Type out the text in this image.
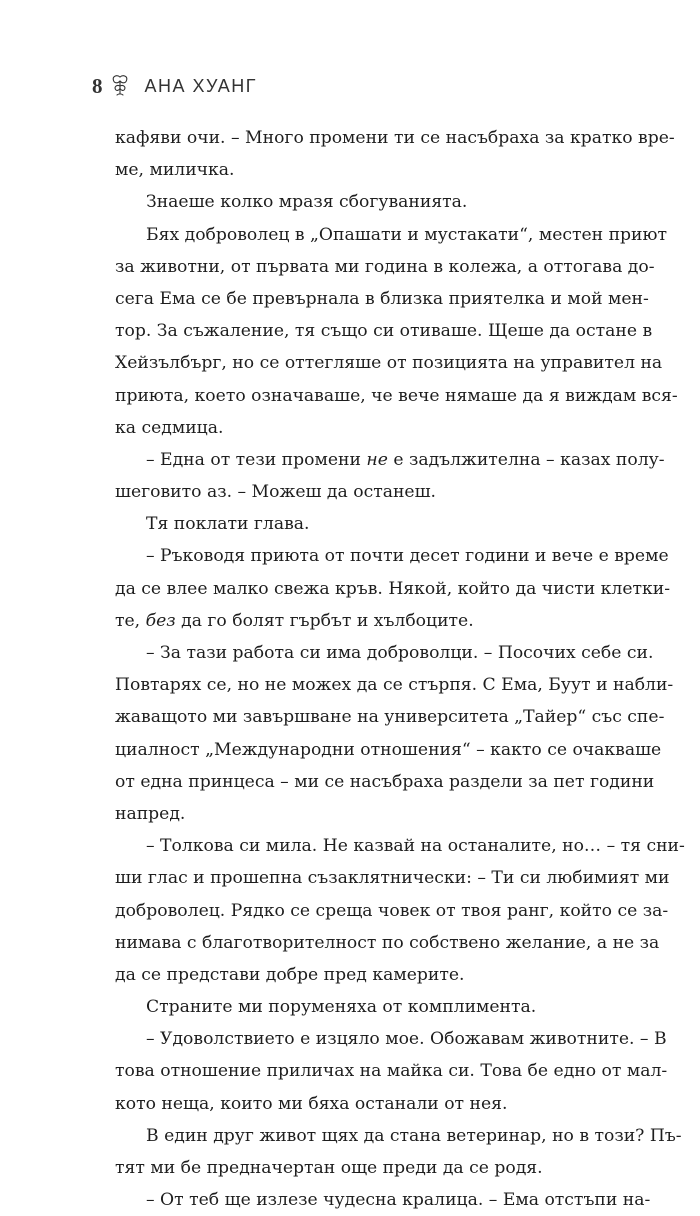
8 АНА ХУАНГ
кафяви очи. – Много промени ти се насъбраха за кратко вре-
ме, миличка.
Знаеше колко мразя сбогуванията.
Бях доброволец в „Опашати и мустакати“, местен приют
за животни, от първата ми година в колежа, а оттогава до-
сега Ема се бе превърнала в близка приятелка и мой мен-
тор. За съжаление, тя също си отиваше. Щеше да остане в
Хейзълбърг, но се оттегляше от позицията на управител на
приюта, което означаваше, че вече нямаше да я виждам вся-
ка седмица.
– Една от тези промени не е задължителна – казах полу-
шеговито аз. – Можеш да останеш.
Тя поклати глава.
– Ръководя приюта от почти десет години и вече е време
да се влее малко свежа кръв. Някой, който да чисти клетки-
те, без да го болят гърбът и хълбоците.
– За тази работа си има доброволци. – Посочих себе си.
Повтарях се, но не можех да се стърпя. С Ема, Буут и набли-
жаващото ми завършване на университета „Тайер“ със спе-
циалност „Международни отношения“ – както се очакваше
от една принцеса – ми се насъбраха раздели за пет години
напред.
– Толкова си мила. Не казвай на останалите, но… – тя сни-
ши глас и прошепна съзаклятнически: – Ти си любимият ми
доброволец. Рядко се среща човек от твоя ранг, който се за-
нимава с благотворителност по собствено желание, а не за
да се представи добре пред камерите.
Страните ми поруменяха от комплимента.
– Удоволствието е изцяло мое. Обожавам животните. – В
това отношение приличах на майка си. Това бе едно от мал-
кото неща, които ми бяха останали от нея.
В един друг живот щях да стана ветеринар, но в този? Пъ-
тят ми бе предначертан още преди да се родя.
– От теб ще излезе чудесна кралица. – Ема отстъпи на-
